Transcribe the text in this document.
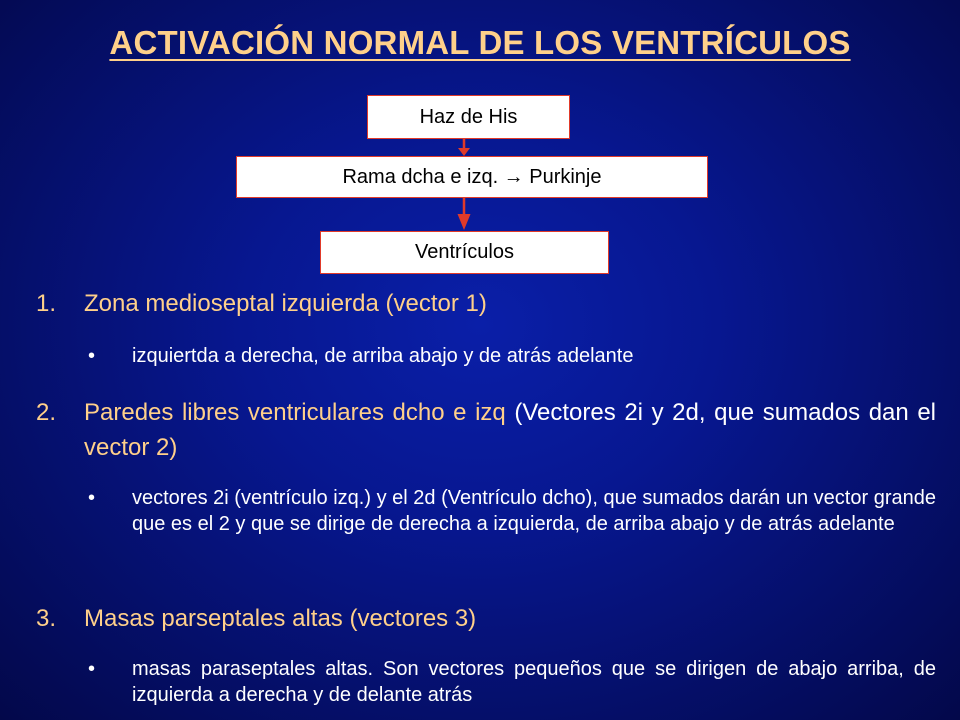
ACTIVACIÓN NORMAL DE LOS VENTRÍCULOS
Haz de His
Rama dcha e izq. → Purkinje
Ventrículos
1.	Zona medioseptal izquierda (vector 1)
• izquiertda a derecha, de arriba abajo y de atrás adelante
2.	Paredes libres ventriculares dcho e izq (Vectores 2i y 2d, que sumados dan el vector 2)
• vectores 2i (ventrículo izq.) y el 2d (Ventrículo dcho), que sumados darán un vector grande que es el 2 y que se dirige de derecha a izquierda, de arriba abajo y de atrás adelante
3.	Masas parseptales altas (vectores 3)
• masas paraseptales altas. Son vectores pequeños que se dirigen de abajo arriba, de izquierda a derecha y de delante atrás
